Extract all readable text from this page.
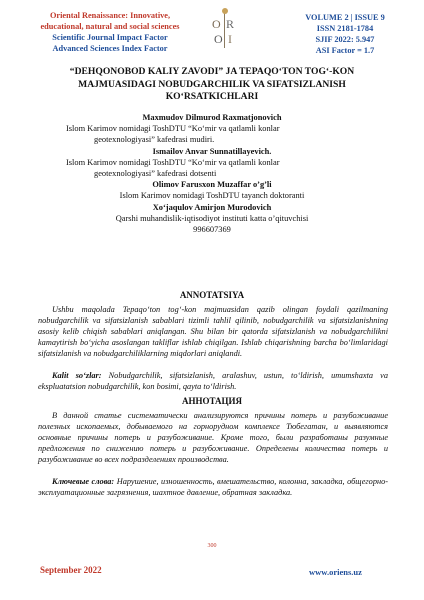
Oriental Renaissance: Innovative,
educational, natural and social sciences
Scientific Journal Impact Factor
Advanced Sciences Index Factor
O R
O I
VOLUME 2 | ISSUE 9
ISSN 2181-1784
SJIF 2022: 5.947
ASI Factor = 1.7
“DEHQONOBOD KALIY ZAVODI” JA TEPAQO‘TON TOG‘-KON
MAJMUASIDAGI NOBUDGARCHILIK VA SIFATSIZLANISH
KO‘RSATKICHLARI
Maxmudov Dilmurod Raxmatjonovich
Islom Karimov nomidagi ToshDTU “Ko‘mir va qatlamli konlar
geotexnologiyasi” kafedrasi mudiri.
Ismailov Anvar Sunnatillayevich.
Islom Karimov nomidagi ToshDTU “Ko‘mir va qatlamli konlar
geotexnologiyasi” kafedrasi dotsenti
Olimov Farusxon Muzaffar o’g’li
Islom Karimov nomidagi ToshDTU tayanch doktoranti
Xo‘jaqulov Amirjon Murodovich
Qarshi muhandislik-iqtisodiyot instituti katta o’qituvchisi
996607369
ANNOTATSIYA
Ushbu maqolada Tepaqo‘ton tog‘-kon majmuasidan qazib olingan foydali qazilmaning nobudgarchilik va sifatsizlanish sabablari tizimli tahlil qilinib, nobudgarchilik va sifatsizlanishning asosiy kelib chiqish sabablari aniqlangan. Shu bilan bir qatorda sifatsizlanish va nobudgarchilikni kamaytirish bo‘yicha asoslangan takliflar ishlab chiqilgan. Ishlab chiqarishning barcha bo‘limlaridagi sifatsizlanish va nobudgarchiliklarning miqdorlari aniqlandi.
Kalit so‘zlar: Nobudgarchilik, sifatsizlanish, aralashuv, ustun, to‘ldirish, umumshaxta va ekspluatatsion nobudgarchilik, kon bosimi, qayta to‘ldirish.
АННОТАЦИЯ
В данной статье систематически анализируются причины потерь и разубоживание полезных ископаемых, добываемого на горнорудном комплексе Тюбегатан, и выявляются основные причины потерь и разубоживание. Кроме того, были разработаны разумные предложения по снижению потерь и разубоживание. Определены количества потерь и разубоживание во всех подразделениях производства.
Ключевые слова: Нарушение, изношенность, вмешательство, колонна, закладка, общегорно-эксплуатационные загрязнения, шахтное давление, обратная закладка.
300
September 2022	www.oriens.uz
